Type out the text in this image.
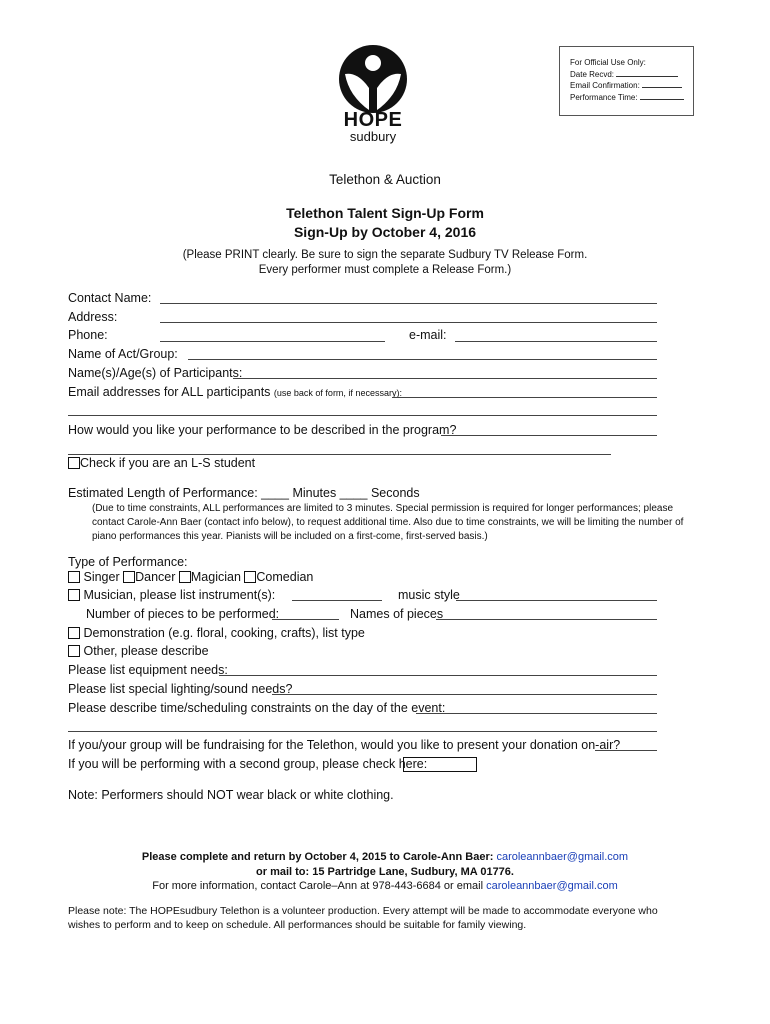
For Official Use Only:
Date Recvd:
Email Confirmation:
Performance Time:
HOPE
sudbury
Telethon & Auction
Telethon Talent Sign-Up Form
Sign-Up by October 4, 2016
(Please PRINT clearly. Be sure to sign the separate Sudbury TV Release Form.
Every performer must complete a Release Form.)
Contact Name:
Address:
Phone:	e-mail:
Name of Act/Group:
Name(s)/Age(s) of Participants:
Email addresses for ALL participants (use back of form, if necessary):
How would you like your performance to be described in the program?
Check if you are an L-S student
Estimated Length of Performance: ____ Minutes ____ Seconds
(Due to time constraints, ALL performances are limited to 3 minutes. Special permission is required for longer performances; please contact Carole-Ann Baer (contact info below), to request additional time. Also due to time constraints, we will be limiting the number of piano performances this year. Pianists will be included on a first-come, first-served basis.)
Type of Performance:
Singer Dancer Magician Comedian
Musician, please list instrument(s):	music style
Number of pieces to be performed:	Names of pieces
Demonstration (e.g. floral, cooking, crafts), list type
Other, please describe
Please list equipment needs:
Please list special lighting/sound needs?
Please describe time/scheduling constraints on the day of the event:
If you/your group will be fundraising for the Telethon, would you like to present your donation on-air?
If you will be performing with a second group, please check here:
Note: Performers should NOT wear black or white clothing.
Please complete and return by October 4, 2015 to Carole-Ann Baer: caroleannbaer@gmail.com
or mail to: 15 Partridge Lane, Sudbury, MA 01776.
For more information, contact Carole–Ann at 978-443-6684 or email caroleannbaer@gmail.com
Please note: The HOPEsudbury Telethon is a volunteer production. Every attempt will be made to accommodate everyone who wishes to perform and to keep on schedule. All performances should be suitable for family viewing.
